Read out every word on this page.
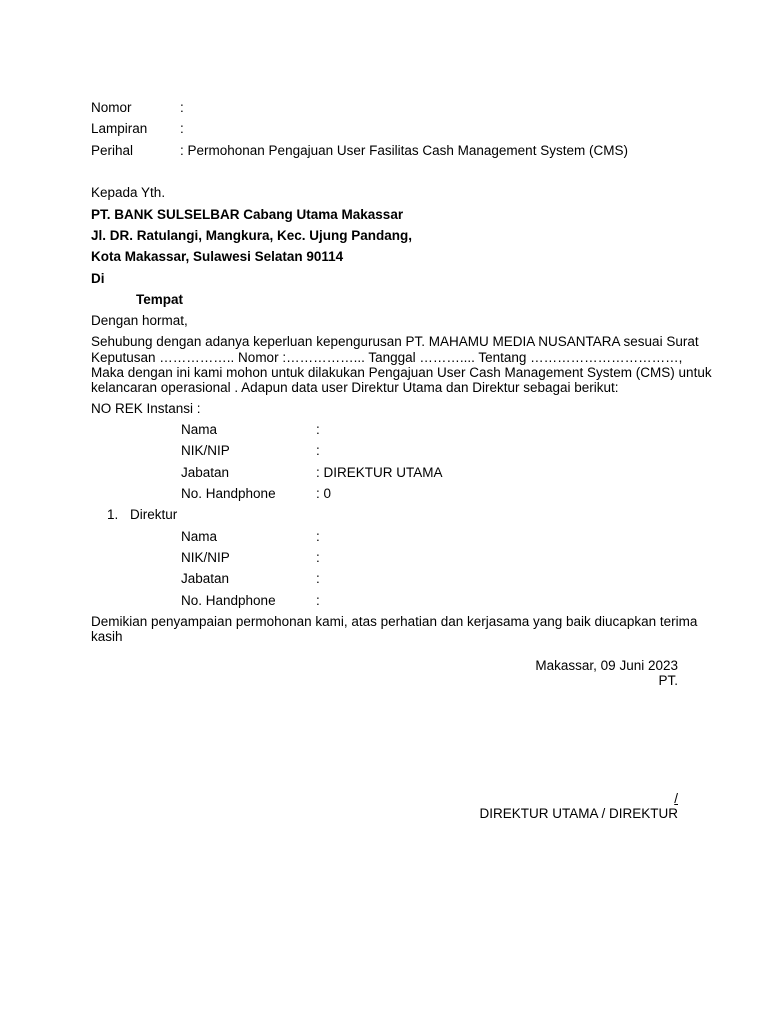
Nomor	:
Lampiran :
Perihal	: Permohonan Pengajuan User Fasilitas Cash Management System (CMS)
Kepada Yth.
PT. BANK SULSELBAR Cabang Utama Makassar
Jl. DR. Ratulangi, Mangkura, Kec. Ujung Pandang,
Kota Makassar, Sulawesi Selatan 90114
Di
Tempat
Dengan hormat,
Sehubung dengan adanya keperluan kepengurusan PT. MAHAMU MEDIA NUSANTARA sesuai Surat
Keputusan …………….. Nomor :……………... Tanggal ……….... Tentang ……………………………,
Maka dengan ini kami mohon untuk dilakukan Pengajuan User Cash Management System (CMS) untuk
kelancaran operasional . Adapun data user Direktur Utama dan Direktur sebagai berikut:
NO REK Instansi :
Nama	:
NIK/NIP	:
Jabatan	: DIREKTUR UTAMA
No. Handphone	: 0
1. Direktur
Nama	:
NIK/NIP	:
Jabatan	:
No. Handphone	:
Demikian penyampaian permohonan kami, atas perhatian dan kerjasama yang baik diucapkan terima
kasih
Makassar, 09 Juni 2023
PT.
/
DIREKTUR UTAMA / DIREKTUR
